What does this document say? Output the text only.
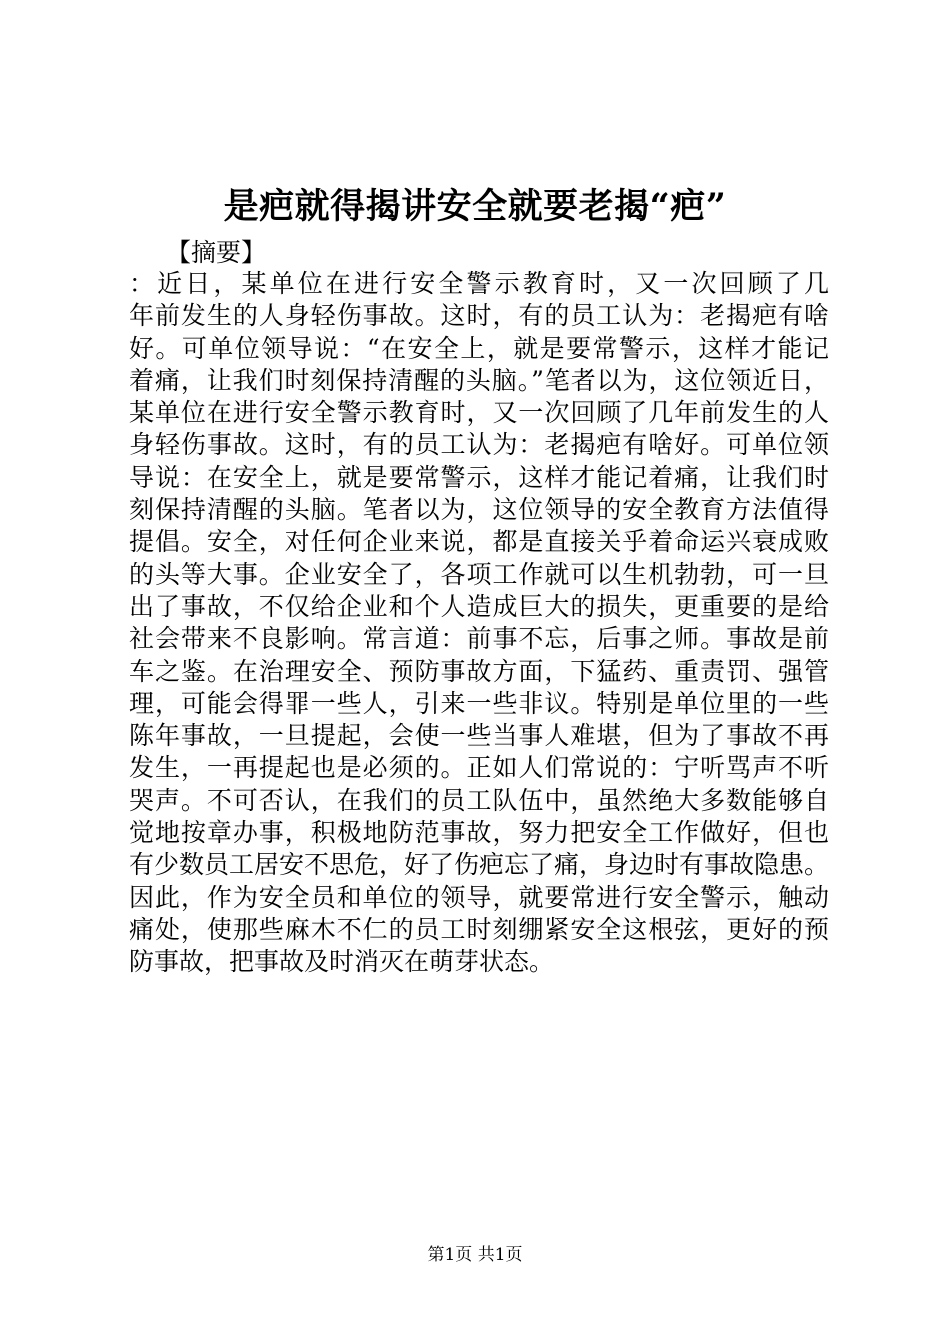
是疤就得揭讲安全就要老揭“疤”
【摘要】
：近日，某单位在进行安全警示教育时，又一次回顾了几
年前发生的人身轻伤事故。这时，有的员工认为：老揭疤有啥
好。可单位领导说：“在安全上，就是要常警示，这样才能记
着痛，让我们时刻保持清醒的头脑。”笔者以为，这位领近日，
某单位在进行安全警示教育时，又一次回顾了几年前发生的人
身轻伤事故。这时，有的员工认为：老揭疤有啥好。可单位领
导说：在安全上，就是要常警示，这样才能记着痛，让我们时
刻保持清醒的头脑。笔者以为，这位领导的安全教育方法值得
提倡。安全，对任何企业来说，都是直接关乎着命运兴衰成败
的头等大事。企业安全了，各项工作就可以生机勃勃，可一旦
出了事故，不仅给企业和个人造成巨大的损失，更重要的是给
社会带来不良影响。常言道：前事不忘，后事之师。事故是前
车之鉴。在治理安全、预防事故方面，下猛药、重责罚、强管
理，可能会得罪一些人，引来一些非议。特别是单位里的一些
陈年事故，一旦提起，会使一些当事人难堪，但为了事故不再
发生，一再提起也是必须的。正如人们常说的：宁听骂声不听
哭声。不可否认，在我们的员工队伍中，虽然绝大多数能够自
觉地按章办事，积极地防范事故，努力把安全工作做好，但也
有少数员工居安不思危，好了伤疤忘了痛，身边时有事故隐患。
因此，作为安全员和单位的领导，就要常进行安全警示，触动
痛处，使那些麻木不仁的员工时刻绷紧安全这根弦，更好的预
防事故，把事故及时消灭在萌芽状态。
第1页 共1页
